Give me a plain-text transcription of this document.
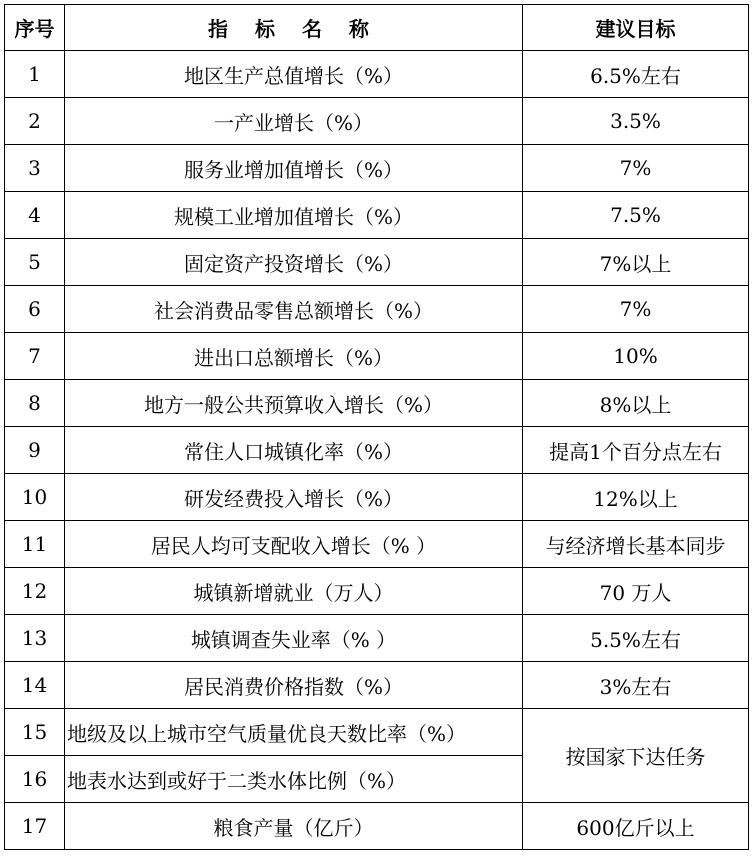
序号	指 标 名 称	建议目标
1	地区生产总值增长（%）	6.5%左右
2	一产业增长（%）	3.5%
3	服务业增加值增长（%）	7%
4	规模工业增加值增长（%）	7.5%
5	固定资产投资增长（%）	7%以上
6	社会消费品零售总额增长（%）	7%
7	进出口总额增长（%）	10%
8	地方一般公共预算收入增长（%）	8%以上
9	常住人口城镇化率（%）	提高1个百分点左右
10	研发经费投入增长（%）	12%以上
11	居民人均可支配收入增长（% ）	与经济增长基本同步
12	城镇新增就业（万人）	70 万人
13	城镇调查失业率（% ）	5.5%左右
14	居民消费价格指数（%）	3%左右
15	地级及以上城市空气质量优良天数比率（%）	按国家下达任务
16	地表水达到或好于二类水体比例（%）	
17	粮食产量（亿斤）	600亿斤以上
